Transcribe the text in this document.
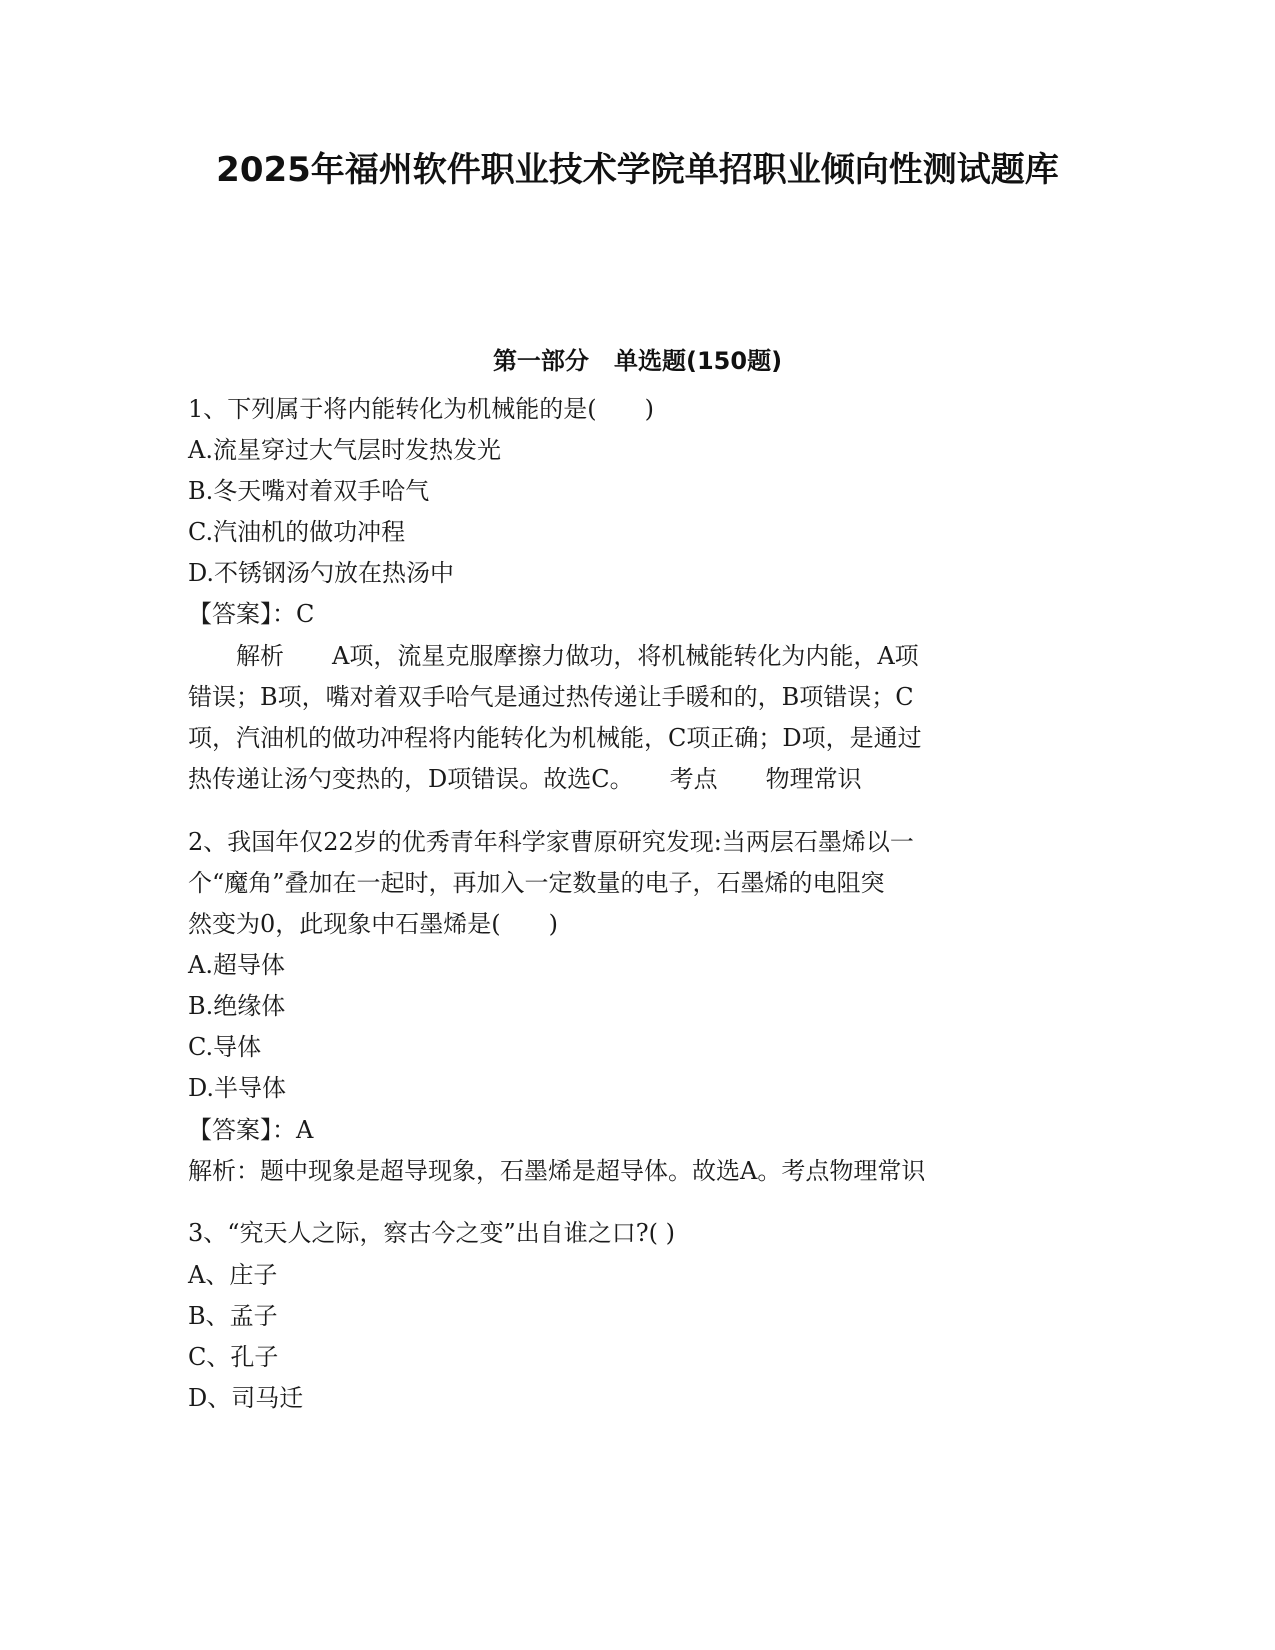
2025年福州软件职业技术学院单招职业倾向性测试题库
第一部分   单选题(150题)

1、下列属于将内能转化为机械能的是(　　)

A.流星穿过大气层时发热发光

B.冬天嘴对着双手哈气

C.汽油机的做功冲程

D.不锈钢汤勺放在热汤中

【答案】：C

　　解析　　A项，流星克服摩擦力做功，将机械能转化为内能，A项

错误；B项，嘴对着双手哈气是通过热传递让手暖和的，B项错误；C

项，汽油机的做功冲程将内能转化为机械能，C项正确；D项，是通过

热传递让汤勺变热的，D项错误。故选C。　　考点　　物理常识

2、我国年仅22岁的优秀青年科学家曹原研究发现:当两层石墨烯以一

个“魔角”叠加在一起时，再加入一定数量的电子，石墨烯的电阻突

然变为0，此现象中石墨烯是(　　)

A.超导体

B.绝缘体

C.导体

D.半导体

【答案】：A

解析：题中现象是超导现象，石墨烯是超导体。故选A。考点物理常识

3、“究天人之际，察古今之变”出自谁之口?( )

A、庄子

B、孟子

C、孔子

D、司马迁
